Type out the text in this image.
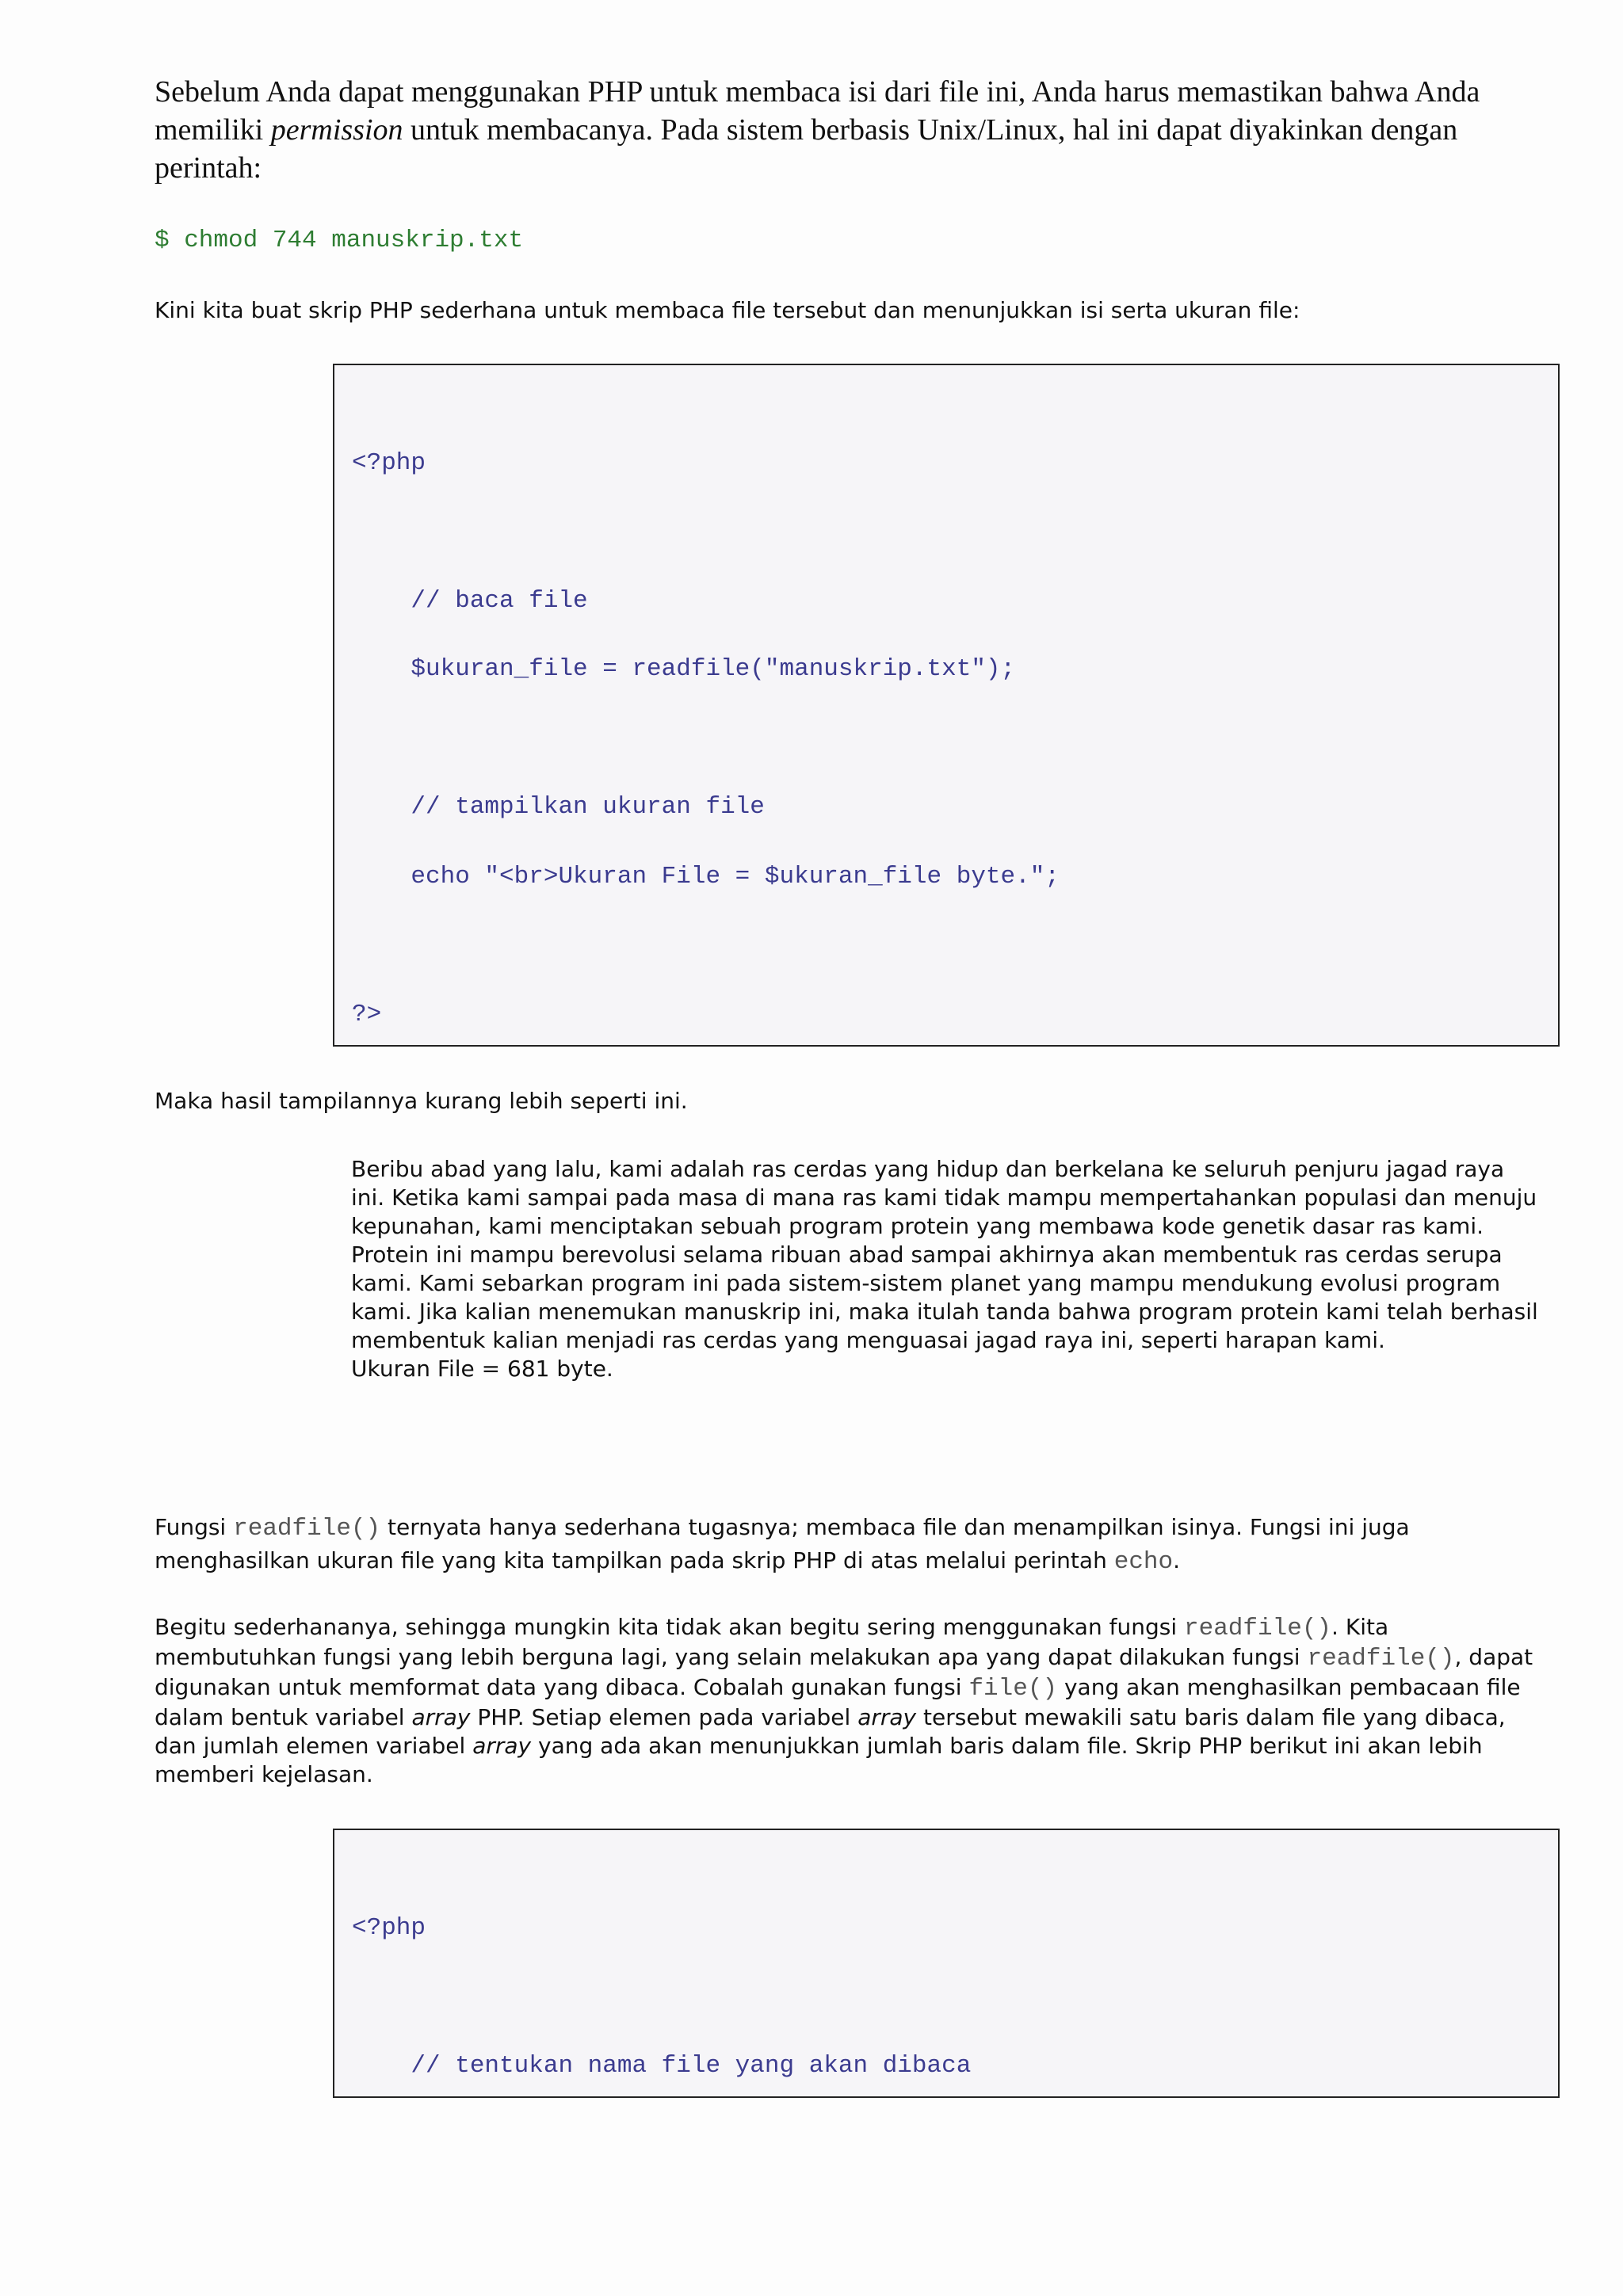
Sebelum Anda dapat menggunakan PHP untuk membaca isi dari file ini, Anda harus memastikan bahwa Anda memiliki permission untuk membacanya. Pada sistem berbasis Unix/Linux, hal ini dapat diyakinkan dengan perintah:

$ chmod 744 manuskrip.txt

Kini kita buat skrip PHP sederhana untuk membaca file tersebut dan menunjukkan isi serta ukuran file:

<?php
// baca file
$ukuran_file = readfile("manuskrip.txt");
// tampilkan ukuran file
echo "<br>Ukuran File = $ukuran_file byte.";
?>

Maka hasil tampilannya kurang lebih seperti ini.

Beribu abad yang lalu, kami adalah ras cerdas yang hidup dan berkelana ke seluruh penjuru jagad raya ini. Ketika kami sampai pada masa di mana ras kami tidak mampu mempertahankan populasi dan menuju kepunahan, kami menciptakan sebuah program protein yang membawa kode genetik dasar ras kami. Protein ini mampu berevolusi selama ribuan abad sampai akhirnya akan membentuk ras cerdas serupa kami. Kami sebarkan program ini pada sistem-sistem planet yang mampu mendukung evolusi program kami. Jika kalian menemukan manuskrip ini, maka itulah tanda bahwa program protein kami telah berhasil membentuk kalian menjadi ras cerdas yang menguasai jagad raya ini, seperti harapan kami.
Ukuran File = 681 byte.

Fungsi readfile() ternyata hanya sederhana tugasnya; membaca file dan menampilkan isinya. Fungsi ini juga menghasilkan ukuran file yang kita tampilkan pada skrip PHP di atas melalui perintah echo.

Begitu sederhananya, sehingga mungkin kita tidak akan begitu sering menggunakan fungsi readfile(). Kita membutuhkan fungsi yang lebih berguna lagi, yang selain melakukan apa yang dapat dilakukan fungsi readfile(), dapat digunakan untuk memformat data yang dibaca. Cobalah gunakan fungsi file() yang akan menghasilkan pembacaan file dalam bentuk variabel array PHP. Setiap elemen pada variabel array tersebut mewakili satu baris dalam file yang dibaca, dan jumlah elemen variabel array yang ada akan menunjukkan jumlah baris dalam file. Skrip PHP berikut ini akan lebih memberi kejelasan.

<?php
// tentukan nama file yang akan dibaca
